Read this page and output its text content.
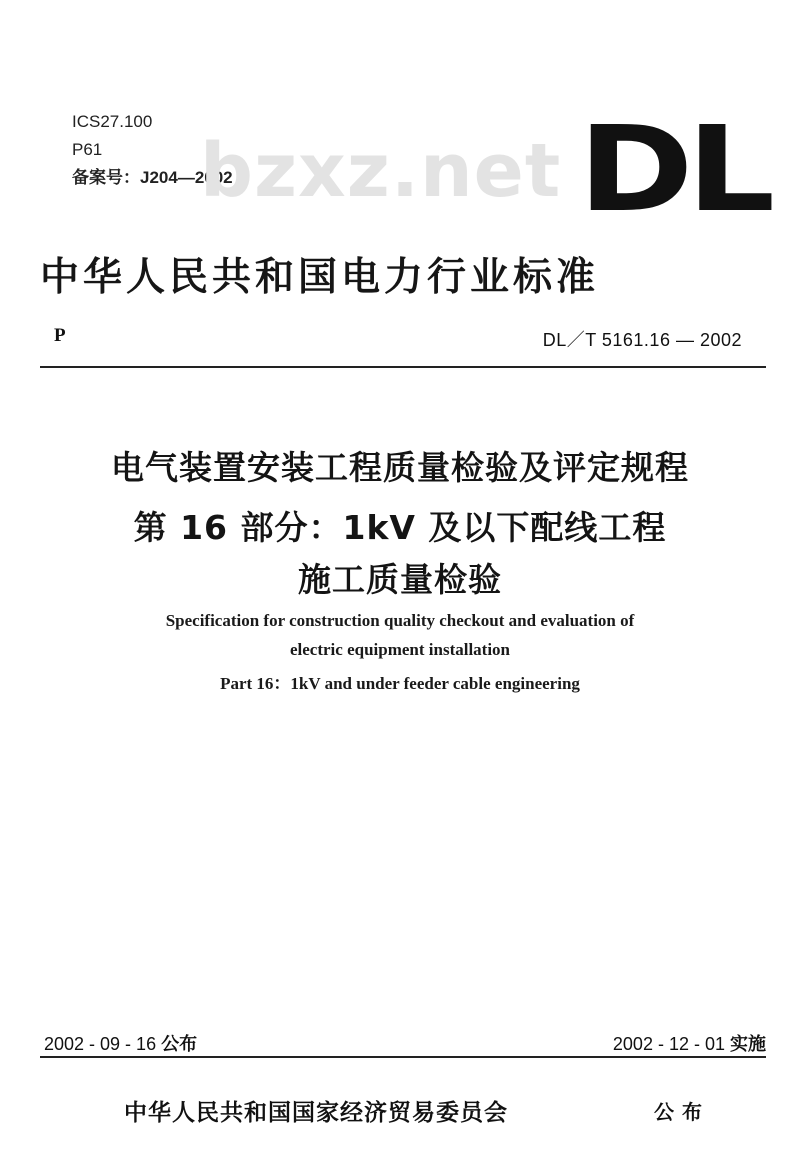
ICS27.100
P61
备案号：J204—2002
bzxz.net DL
中华人民共和国电力行业标准
P	DL／T 5161.16 — 2002
电气装置安装工程质量检验及评定规程
第 16 部分：1kV 及以下配线工程
施工质量检验
Specification for construction quality checkout and evaluation of
electric equipment installation
Part 16：1kV and under feeder cable engineering
2002 - 09 - 16 公布	2002 - 12 - 01 实施
中华人民共和国国家经济贸易委员会	公布
